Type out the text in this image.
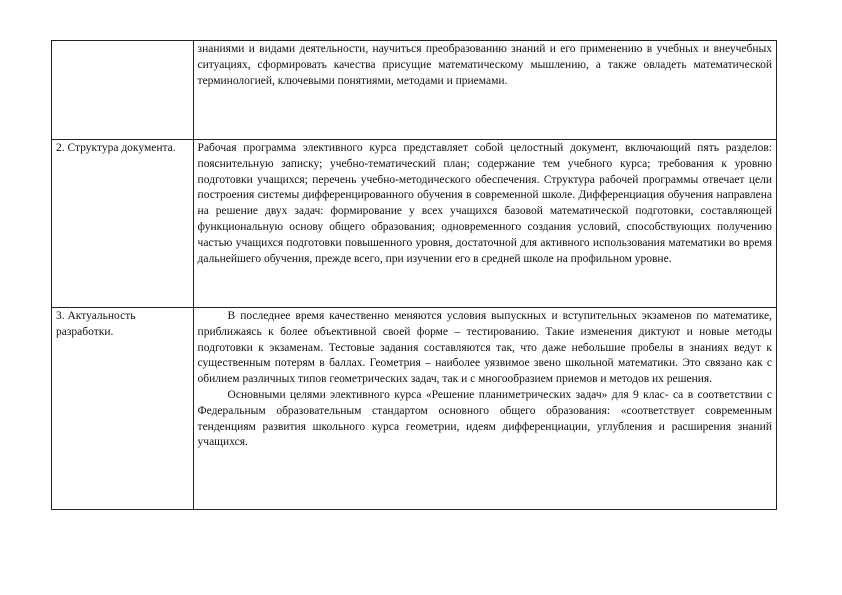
	знаниями и видами деятельности, научиться преобразованию знаний и его применению в учебных и внеучебных ситуациях, сформировать качества присущие математическому мышлению, а также овладеть математической терминологией, ключевыми понятиями, методами и приемами.

2. Структура документа.	Рабочая программа элективного курса представляет собой целостный документ, включающий пять разделов: пояснительную записку; учебно-тематический план; содержание тем учебного курса; требования к уровню подготовки учащихся; перечень учебно-методического обеспечения. Структура рабочей программы отвечает цели построения системы дифференцированного обучения в современной школе. Дифференциация обучения направлена на решение двух задач: формирование у всех учащихся базовой математической подготовки, составляющей функциональную основу общего образования; одновременного создания условий, способствующих получению частью учащихся подготовки повышенного уровня, достаточной для активного использования математики во время дальнейшего обучения, прежде всего, при изучении его в средней школе на профильном уровне.

3. Актуальность разработки.	В последнее время качественно меняются условия выпускных и вступительных экзаменов по математике, приближаясь к более объективной своей форме – тестированию. Такие изменения диктуют и новые методы подготовки к экзаменам. Тестовые задания составляются так, что даже небольшие пробелы в знаниях ведут к существенным потерям в баллах. Геометрия – наиболее уязвимое звено школьной математики. Это связано как с обилием различных типов геометрических задач, так и с многообразием приемов и методов их решения.

Основными целями элективного курса «Решение планиметрических задач» для 9 клас- са в соответствии с Федеральным образовательным стандартом основного общего образования: «соответствует современным тенденциям развития школьного курса геометрии, идеям дифференциации, углубления и расширения знаний учащихся.
